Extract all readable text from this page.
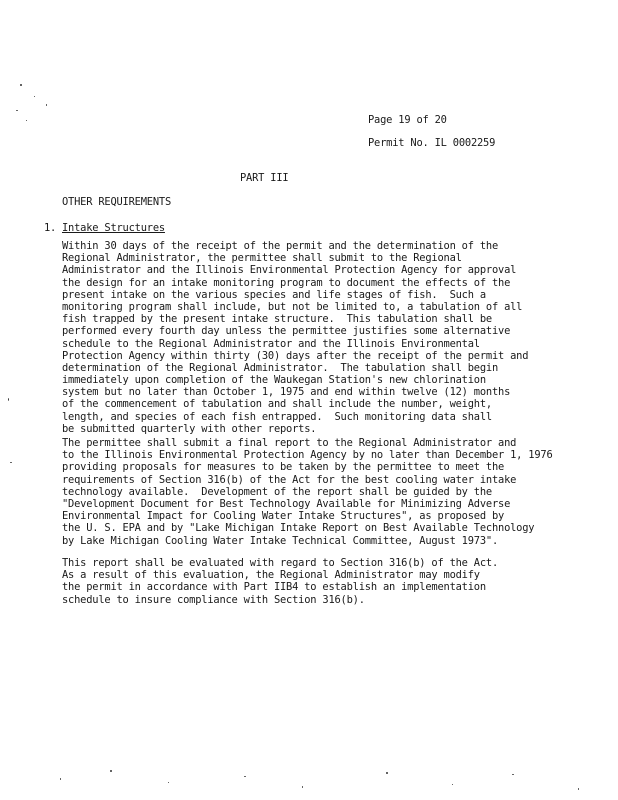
Page 19 of 20
Permit No. IL 0002259
PART III
OTHER REQUIREMENTS
1. Intake Structures
Within 30 days of the receipt of the permit and the determination of the
Regional Administrator, the permittee shall submit to the Regional
Administrator and the Illinois Environmental Protection Agency for approval
the design for an intake monitoring program to document the effects of the
present intake on the various species and life stages of fish.  Such a
monitoring program shall include, but not be limited to, a tabulation of all
fish trapped by the present intake structure.  This tabulation shall be
performed every fourth day unless the permittee justifies some alternative
schedule to the Regional Administrator and the Illinois Environmental
Protection Agency within thirty (30) days after the receipt of the permit and
determination of the Regional Administrator.  The tabulation shall begin
immediately upon completion of the Waukegan Station's new chlorination
system but no later than October 1, 1975 and end within twelve (12) months
of the commencement of tabulation and shall include the number, weight,
length, and species of each fish entrapped.  Such monitoring data shall
be submitted quarterly with other reports.
The permittee shall submit a final report to the Regional Administrator and
to the Illinois Environmental Protection Agency by no later than December 1, 1976
providing proposals for measures to be taken by the permittee to meet the
requirements of Section 316(b) of the Act for the best cooling water intake
technology available.  Development of the report shall be guided by the
"Development Document for Best Technology Available for Minimizing Adverse
Environmental Impact for Cooling Water Intake Structures", as proposed by
the U. S. EPA and by "Lake Michigan Intake Report on Best Available Technology
by Lake Michigan Cooling Water Intake Technical Committee, August 1973".
This report shall be evaluated with regard to Section 316(b) of the Act.
As a result of this evaluation, the Regional Administrator may modify
the permit in accordance with Part IIB4 to establish an implementation
schedule to insure compliance with Section 316(b).
